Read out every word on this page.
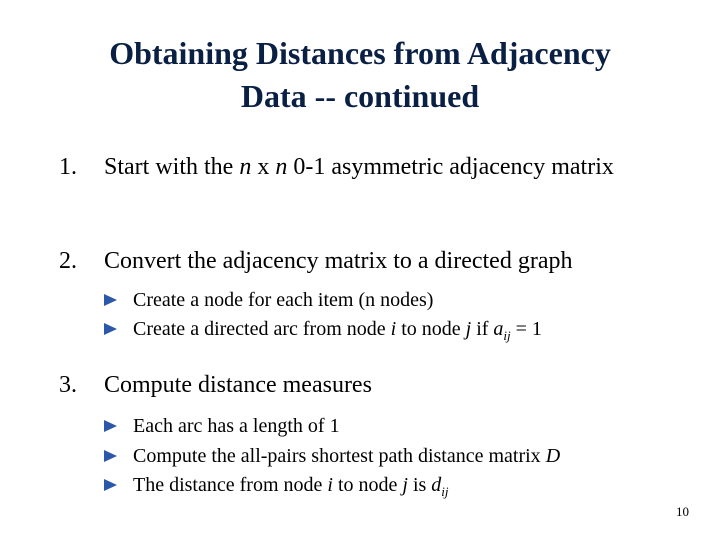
Obtaining Distances from Adjacency
Data -- continued
1. Start with the n x n 0-1 asymmetric adjacency matrix
2. Convert the adjacency matrix to a directed graph
Create a node for each item (n nodes)
Create a directed arc from node i to node j if $a_{ij} = 1$
3. Compute distance measures
Each arc has a length of 1
Compute the all-pairs shortest path distance matrix D
The distance from node i to node j is $d_{ij}$
10
